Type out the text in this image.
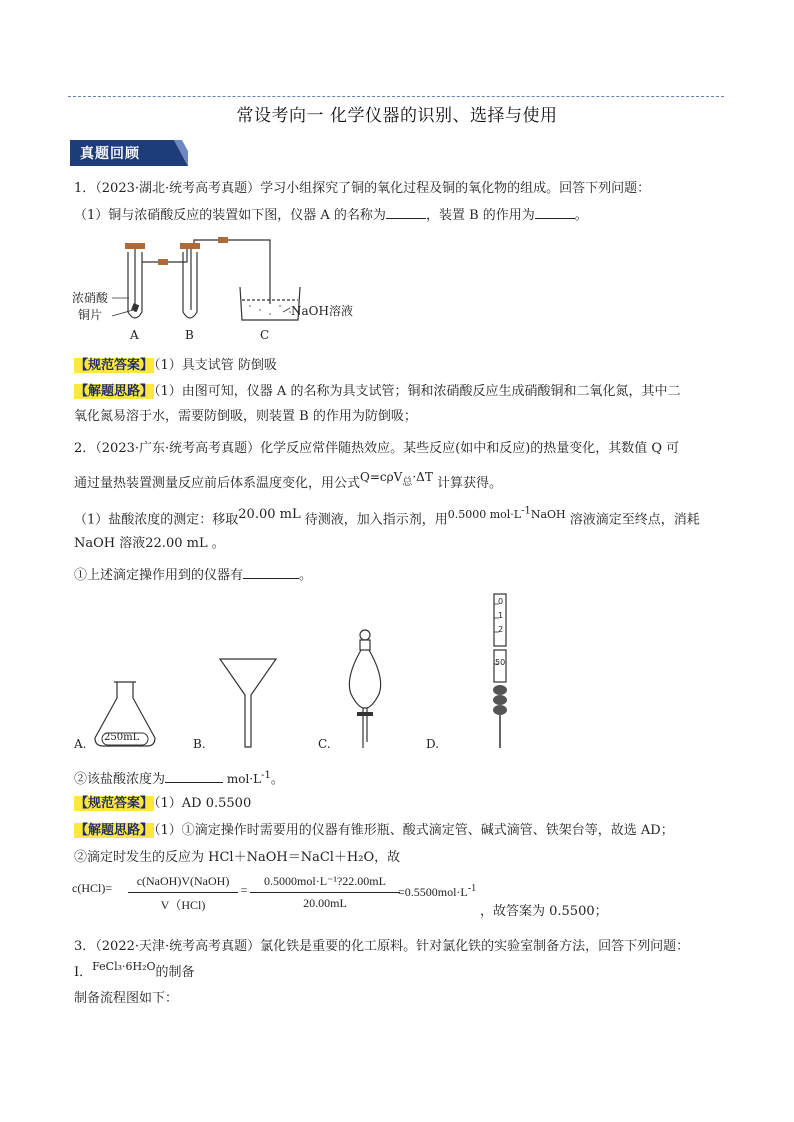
常设考向一 化学仪器的识别、选择与使用
真题回顾
1．（2023·湖北·统考高考真题）学习小组探究了铜的氧化过程及铜的氧化物的组成。回答下列问题：
（1）铜与浓硝酸反应的装置如下图，仪器 A 的名称为	，装置 B 的作用为	。
浓硝酸
铜片	NaOH溶液
A	B	C
【规范答案】（1）具支试管 防倒吸
【解题思路】（1）由图可知，仪器 A 的名称为具支试管；铜和浓硝酸反应生成硝酸铜和二氧化氮，其中二
氧化氮易溶于水，需要防倒吸，则装置 B 的作用为防倒吸；
2．（2023·广东·统考高考真题）化学反应常伴随热效应。某些反应(如中和反应)的热量变化，其数值 Q 可
通过量热装置测量反应前后体系温度变化，用公式Q=cρV$_总$·ΔT 计算获得。
（1）盐酸浓度的测定：移取20.00 mL 待测液，加入指示剂，用$^{0.5000 mol\cdot L^{-1}NaOH}$ 溶液滴定至终点，消耗
NaOH 溶液22.00 mL 。
①上述滴定操作用到的仪器有	。
250mL
0
1
2
50
A.	B.	C.	D.
②该盐酸浓度为	$mol\cdot L^{-1}$。
【规范答案】（1）AD 0.5500
【解题思路】（1）①滴定操作时需要用的仪器有锥形瓶、酸式滴定管、碱式滴管、铁架台等，故选 AD；
②滴定时发生的反应为 HCl＋NaOH＝NaCl＋H₂O，故
c(HCl)=	c(NaOH)V(NaOH)
V（HCl)
=
0.5000mol·L⁻¹?22.00mL
20.00mL
$=0.5500mol\cdot L^{-1}$
，故答案为 0.5500；
3．（2022·天津·统考高考真题）氯化铁是重要的化工原料。针对氯化铁的实验室制备方法，回答下列问题：
I．$^{FeCl_3\cdot 6H_2O}$的制备
制备流程图如下：
